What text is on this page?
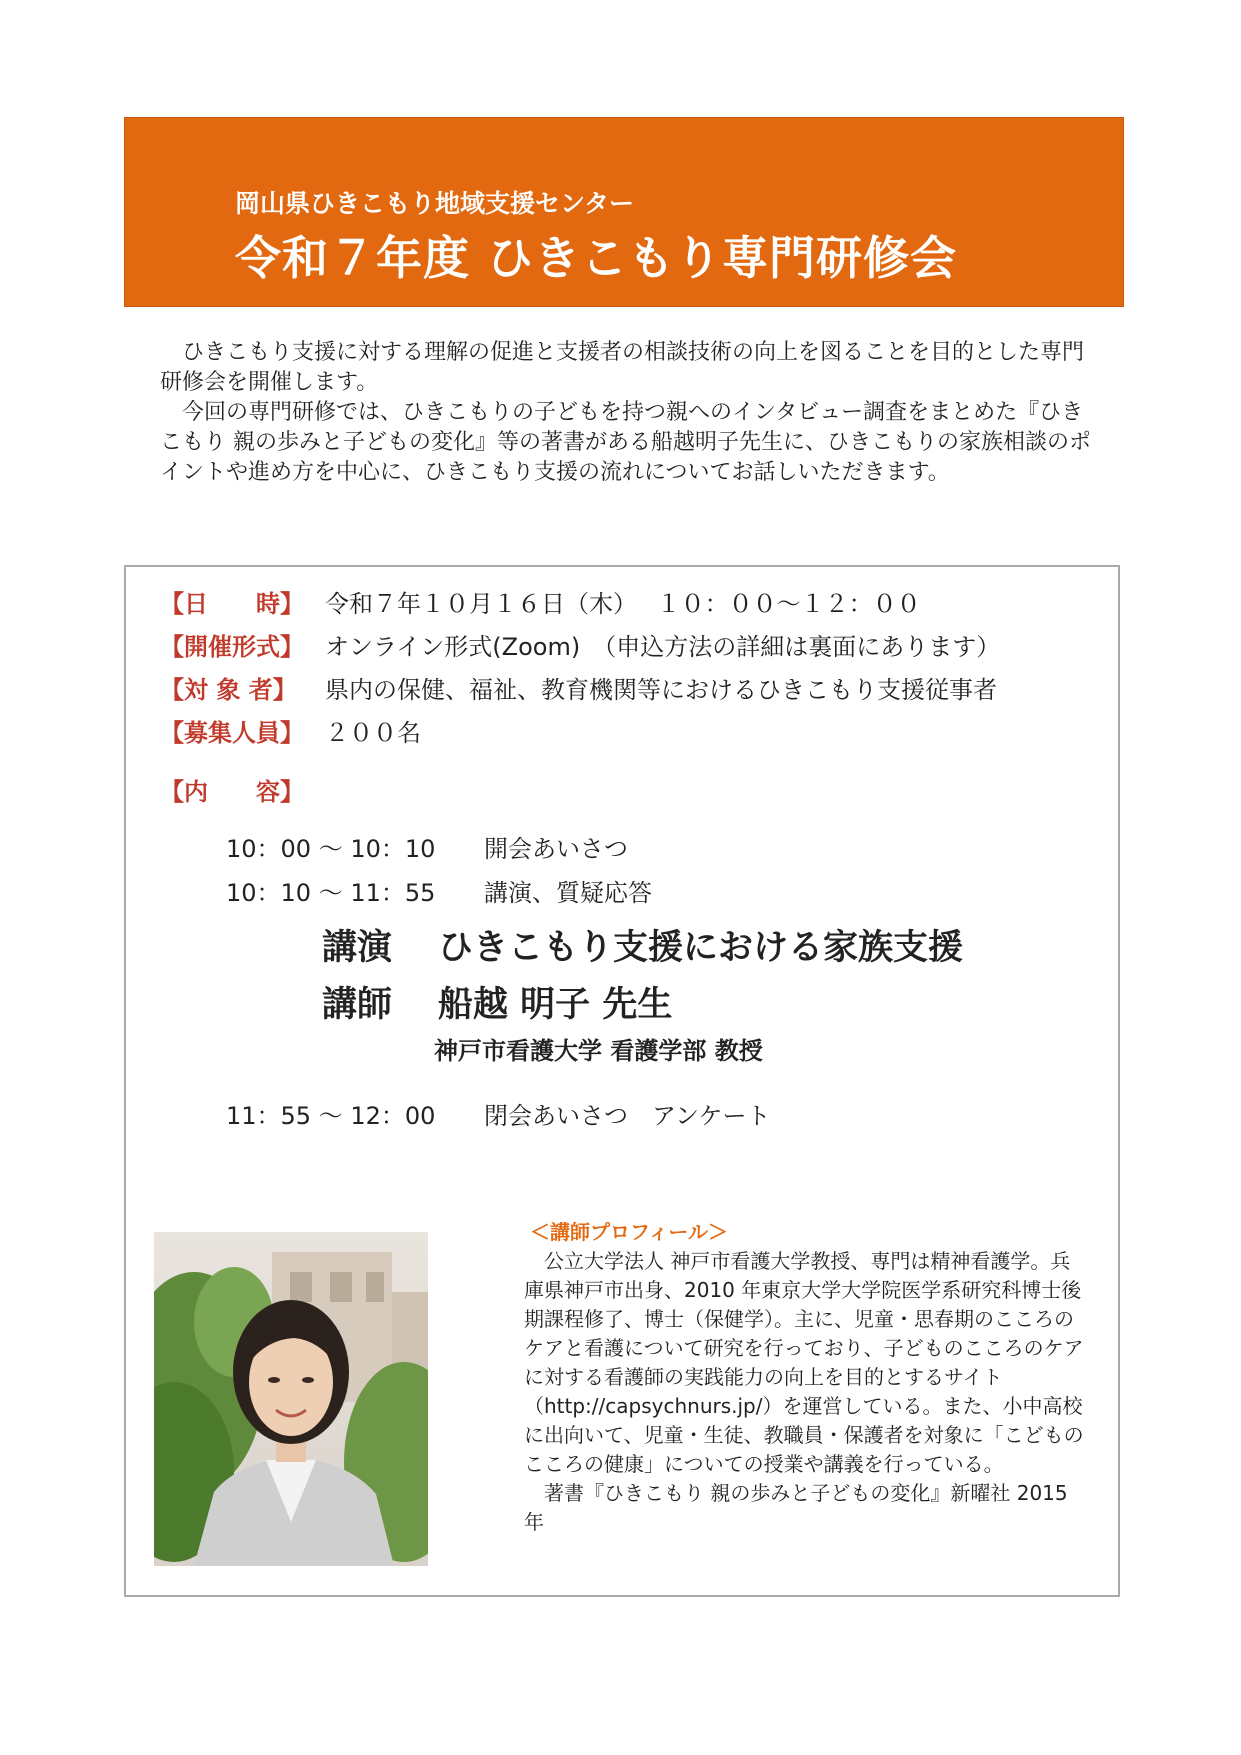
岡山県ひきこもり地域支援センター
令和７年度 ひきこもり専門研修会

ひきこもり支援に対する理解の促進と支援者の相談技術の向上を図ることを目的とした専門研修会を開催します。

今回の専門研修では、ひきこもりの子どもを持つ親へのインタビュー調査をまとめた『ひきこもり 親の歩みと子どもの変化』等の著書がある船越明子先生に、ひきこもりの家族相談のポイントや進め方を中心に、ひきこもり支援の流れについてお話しいただきます。

【日　　時】 令和７年１０月１６日（木）　 １０：００～１２：００
【開催形式】 オンライン形式(Zoom)　（申込方法の詳細は裏面にあります）
【対 象 者】	県内の保健、福祉、教育機関等におけるひきこもり支援従事者
【募集人員】 ２００名
【内　　容】
10：00 ～ 10：10 開会あいさつ
10：10 ～ 11：55 講演、質疑応答
講演 ひきこもり支援における家族支援
講師 船越 明子 先生
神戸市看護大学 看護学部 教授
11：55 ～ 12：00 閉会あいさつ　アンケート
＜講師プロフィール＞

公立大学法人 神戸市看護大学教授、専門は精神看護学。兵庫県神戸市出身、2010 年東京大学大学院医学系研究科博士後期課程修了、博士（保健学）。主に、児童・思春期のこころのケアと看護について研究を行っており、子どものこころのケアに対する看護師の実践能力の向上を目的とするサイト（http://capsychnurs.jp/）を運営している。また、小中高校に出向いて、児童・生徒、教職員・保護者を対象に「こどものこころの健康」についての授業や講義を行っている。

著書『ひきこもり 親の歩みと子どもの変化』新曜社 2015 年
